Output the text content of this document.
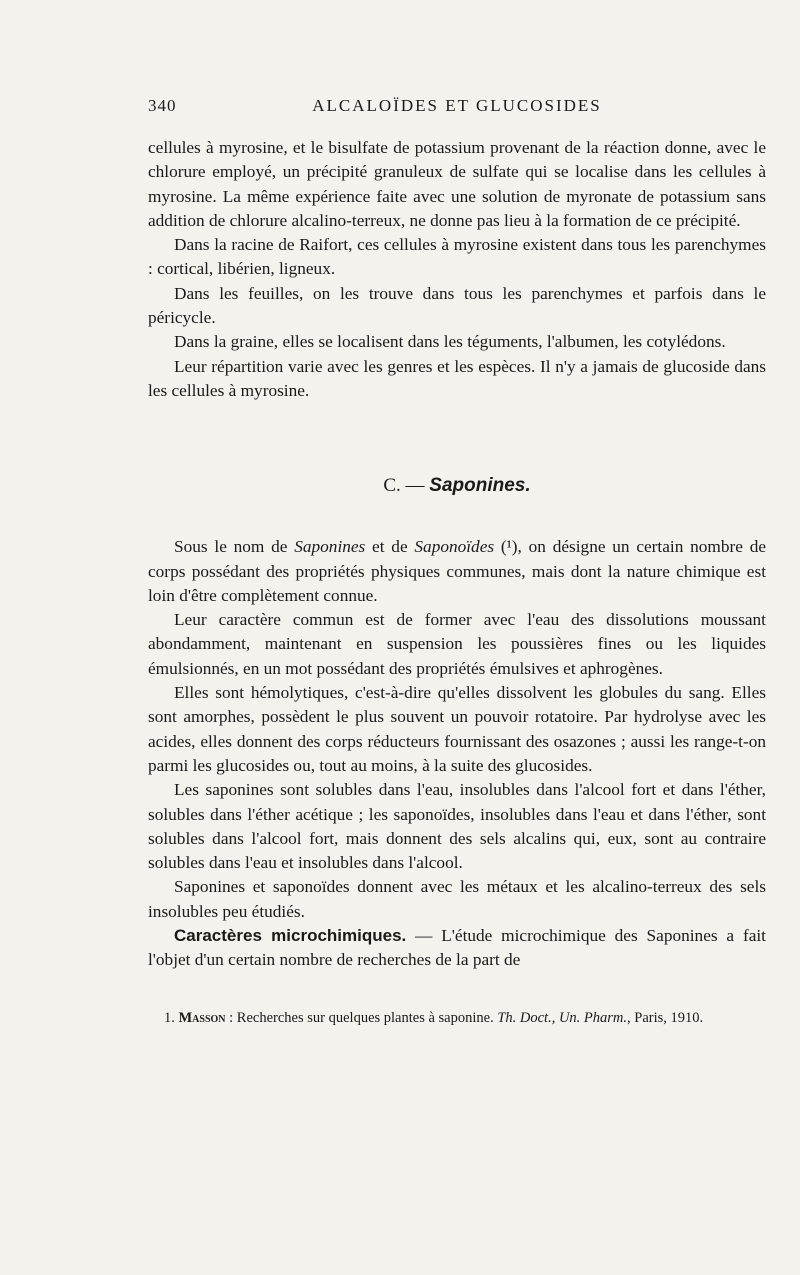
340	ALCALOÏDES ET GLUCOSIDES

cellules à myrosine, et le bisulfate de potassium provenant de la réaction donne, avec le chlorure employé, un précipité granuleux de sulfate qui se localise dans les cellules à myrosine. La même expérience faite avec une solution de myronate de potassium sans addition de chlorure alcalino-terreux, ne donne pas lieu à la formation de ce précipité.

Dans la racine de Raifort, ces cellules à myrosine existent dans tous les parenchymes : cortical, libérien, ligneux.

Dans les feuilles, on les trouve dans tous les parenchymes et parfois dans le péricycle.

Dans la graine, elles se localisent dans les téguments, l'albumen, les cotylédons.

Leur répartition varie avec les genres et les espèces. Il n'y a jamais de glucoside dans les cellules à myrosine.

C. — Saponines.

Sous le nom de Saponines et de Saponoïdes (¹), on désigne un certain nombre de corps possédant des propriétés physiques communes, mais dont la nature chimique est loin d'être complètement connue.

Leur caractère commun est de former avec l'eau des dissolutions moussant abondamment, maintenant en suspension les poussières fines ou les liquides émulsionnés, en un mot possédant des propriétés émulsives et aphrogènes.

Elles sont hémolytiques, c'est-à-dire qu'elles dissolvent les globules du sang. Elles sont amorphes, possèdent le plus souvent un pouvoir rotatoire. Par hydrolyse avec les acides, elles donnent des corps réducteurs fournissant des osazones ; aussi les range-t-on parmi les glucosides ou, tout au moins, à la suite des glucosides.

Les saponines sont solubles dans l'eau, insolubles dans l'alcool fort et dans l'éther, solubles dans l'éther acétique ; les saponoïdes, insolubles dans l'eau et dans l'éther, sont solubles dans l'alcool fort, mais donnent des sels alcalins qui, eux, sont au contraire solubles dans l'eau et insolubles dans l'alcool.

Saponines et saponoïdes donnent avec les métaux et les alcalino-terreux des sels insolubles peu étudiés.

Caractères microchimiques. — L'étude microchimique des Saponines a fait l'objet d'un certain nombre de recherches de la part de

1. Masson : Recherches sur quelques plantes à saponine. Th. Doct., Un. Pharm., Paris, 1910.
